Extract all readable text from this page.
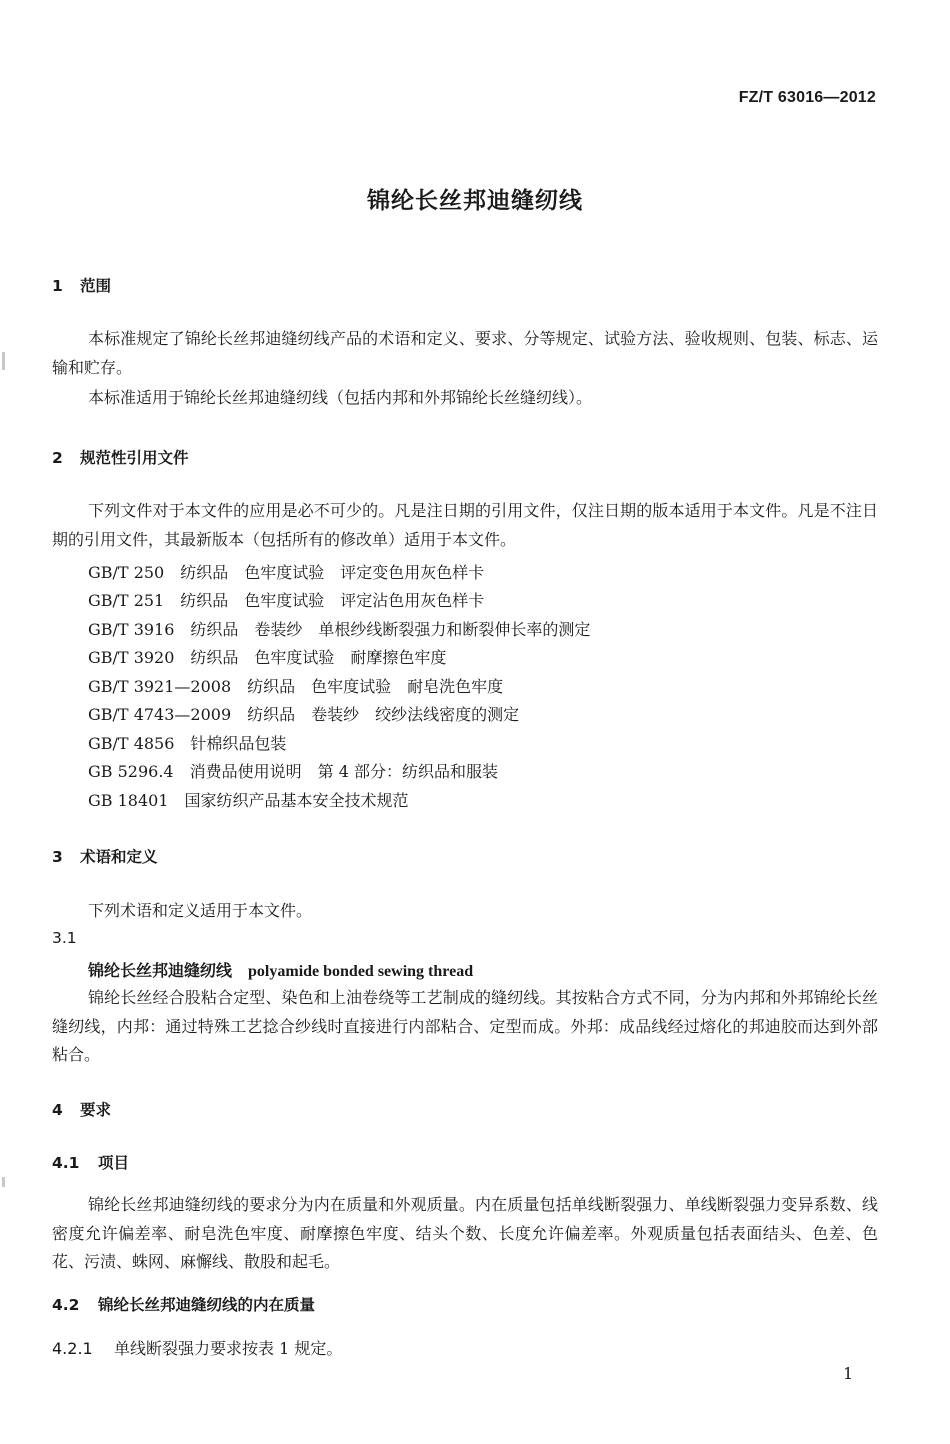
FZ/T 63016—2012
锦纶长丝邦迪缝纫线
1 范围
本标准规定了锦纶长丝邦迪缝纫线产品的术语和定义、要求、分等规定、试验方法、验收规则、包装、标志、运输和贮存。
本标准适用于锦纶长丝邦迪缝纫线（包括内邦和外邦锦纶长丝缝纫线）。
2 规范性引用文件
下列文件对于本文件的应用是必不可少的。凡是注日期的引用文件，仅注日期的版本适用于本文件。凡是不注日期的引用文件，其最新版本（包括所有的修改单）适用于本文件。
GB/T 250　纺织品　色牢度试验　评定变色用灰色样卡
GB/T 251　纺织品　色牢度试验　评定沾色用灰色样卡
GB/T 3916　纺织品　卷装纱　单根纱线断裂强力和断裂伸长率的测定
GB/T 3920　纺织品　色牢度试验　耐摩擦色牢度
GB/T 3921—2008　纺织品　色牢度试验　耐皂洗色牢度
GB/T 4743—2009　纺织品　卷装纱　绞纱法线密度的测定
GB/T 4856　针棉织品包装
GB 5296.4　消费品使用说明　第 4 部分：纺织品和服装
GB 18401　国家纺织产品基本安全技术规范
3 术语和定义
下列术语和定义适用于本文件。
3.1
锦纶长丝邦迪缝纫线 polyamide bonded sewing thread
锦纶长丝经合股粘合定型、染色和上油卷绕等工艺制成的缝纫线。其按粘合方式不同，分为内邦和外邦锦纶长丝缝纫线，内邦：通过特殊工艺捻合纱线时直接进行内部粘合、定型而成。外邦：成品线经过熔化的邦迪胶而达到外部粘合。
4 要求
4.1 项目
锦纶长丝邦迪缝纫线的要求分为内在质量和外观质量。内在质量包括单线断裂强力、单线断裂强力变异系数、线密度允许偏差率、耐皂洗色牢度、耐摩擦色牢度、结头个数、长度允许偏差率。外观质量包括表面结头、色差、色花、污渍、蛛网、麻懈线、散股和起毛。
4.2 锦纶长丝邦迪缝纫线的内在质量
4.2.1 单线断裂强力要求按表 1 规定。
1
